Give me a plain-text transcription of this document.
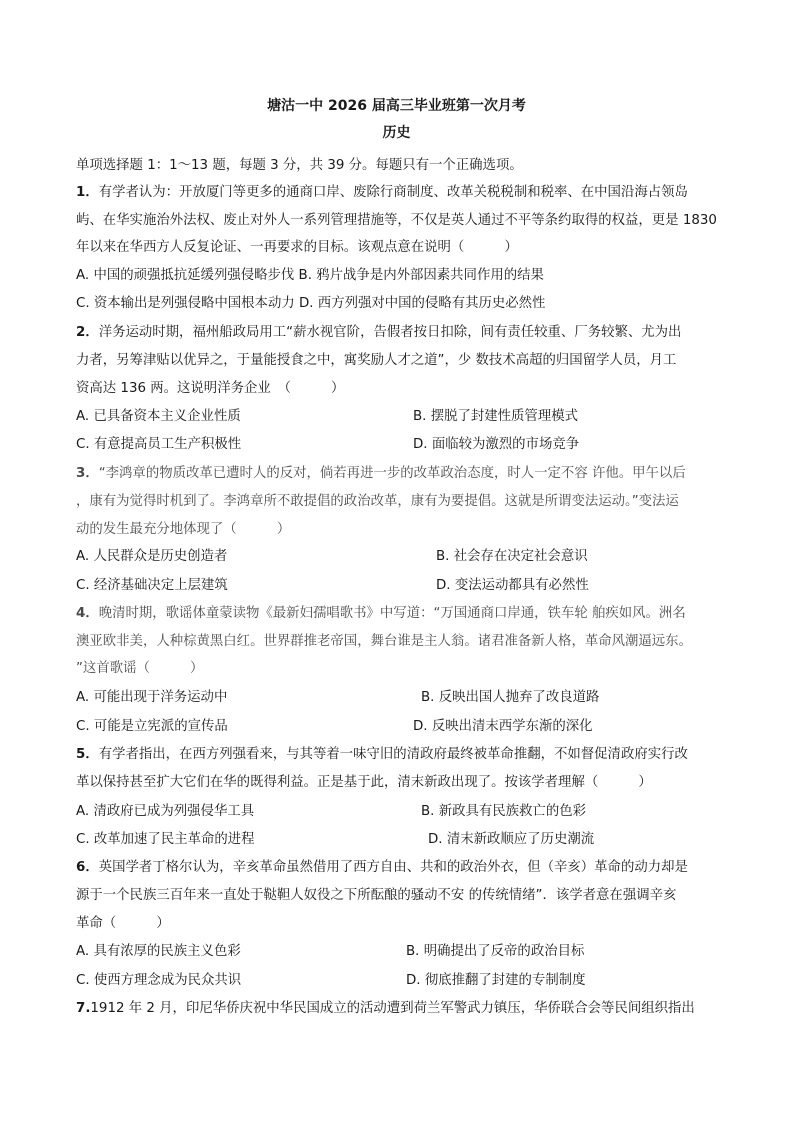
塘沽一中 2026 届高三毕业班第一次月考
历史
单项选择题 1：1～13 题，每题 3 分，共 39 分。每题只有一个正确选项。
1．有学者认为：开放厦门等更多的通商口岸、废除行商制度、改革关税税制和税率、在中国沿海占领岛
屿、在华实施治外法权、废止对外人一系列管理措施等，不仅是英人通过不平等条约取得的权益，更是 1830
年以来在华西方人反复论证、一再要求的目标。该观点意在说明（　　　）
A. 中国的顽强抵抗延缓列强侵略步伐 B. 鸦片战争是内外部因素共同作用的结果
C. 资本输出是列强侵略中国根本动力 D. 西方列强对中国的侵略有其历史必然性
2．洋务运动时期，福州船政局用工“薪水视官阶，告假者按日扣除，间有责任较重、厂务较繁、尤为出
力者，另筹津贴以优异之，于量能授食之中，寓奖励人才之道”，少 数技术高超的归国留学人员，月工
资高达 136 两。这说明洋务企业　（　　　）
A. 已具备资本主义企业性质	B. 摆脱了封建性质管理模式
C. 有意提高员工生产积极性	D. 面临较为激烈的市场竞争
3．“李鸿章的物质改革已遭时人的反对，倘若再进一步的改革政治态度，时人一定不容 许他。甲午以后
，康有为觉得时机到了。李鸿章所不敢提倡的政治改革，康有为要提倡。这就是所谓变法运动。”变法运
动的发生最充分地体现了（　　　）
A. 人民群众是历史创造者	B. 社会存在决定社会意识
C. 经济基础决定上层建筑	D. 变法运动都具有必然性
4．晚清时期，歌谣体童蒙读物《最新妇孺唱歌书》中写道：“万国通商口岸通，铁车轮 舶疾如风。洲名
澳亚欧非美，人种棕黄黑白红。世界群推老帝国，舞台谁是主人翁。诸君准备新人格，革命风潮逼远东。
”这首歌谣（　　　）
A. 可能出现于洋务运动中	B. 反映出国人抛弃了改良道路
C. 可能是立宪派的宣传品	D. 反映出清末西学东渐的深化
5．有学者指出，在西方列强看来，与其等着一味守旧的清政府最终被革命推翻，不如督促清政府实行改
革以保持甚至扩大它们在华的既得利益。正是基于此，清末新政出现了。按该学者理解（　　　）
A. 清政府已成为列强侵华工具	B. 新政具有民族救亡的色彩
C. 改革加速了民主革命的进程	D. 清末新政顺应了历史潮流
6．英国学者丁格尔认为，辛亥革命虽然借用了西方自由、共和的政治外衣，但（辛亥）革命的动力却是
源于一个民族三百年来一直处于鞑靼人奴役之下所酝酿的骚动不安 的传统情绪”．该学者意在强调辛亥
革命（　　　）
A. 具有浓厚的民族主义色彩	B. 明确提出了反帝的政治目标
C. 使西方理念成为民众共识	D. 彻底推翻了封建的专制制度
7.1912 年 2 月，印尼华侨庆祝中华民国成立的活动遭到荷兰军警武力镇压，华侨联合会等民间组织指出
